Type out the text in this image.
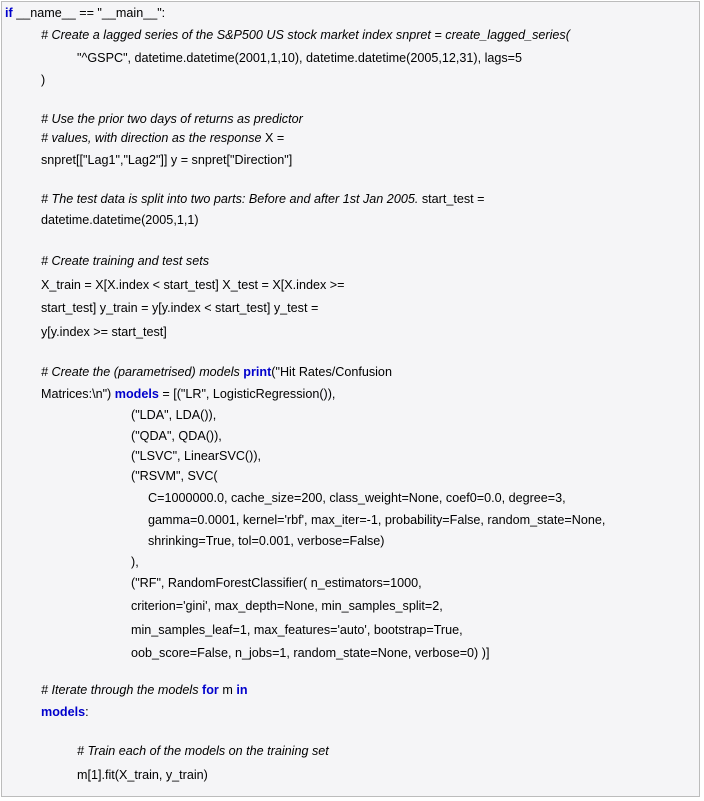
if __name__ == "__main__":
# Create a lagged series of the S&P500 US stock market index snpret = create_lagged_series(
"^GSPC", datetime.datetime(2001,1,10), datetime.datetime(2005,12,31), lags=5
)
# Use the prior two days of returns as predictor
# values, with direction as the response X =
snpret[["Lag1","Lag2"]] y = snpret["Direction"]
# The test data is split into two parts: Before and after 1st Jan 2005. start_test =
datetime.datetime(2005,1,1)
# Create training and test sets
X_train = X[X.index < start_test] X_test = X[X.index >=
start_test] y_train = y[y.index < start_test] y_test =
y[y.index >= start_test]
# Create the (parametrised) models print("Hit Rates/Confusion
Matrices:\n") models = [("LR", LogisticRegression()),
("LDA", LDA()),
("QDA", QDA()),
("LSVC", LinearSVC()),
("RSVM", SVC(
C=1000000.0, cache_size=200, class_weight=None, coef0=0.0, degree=3,
gamma=0.0001, kernel='rbf', max_iter=-1, probability=False, random_state=None,
shrinking=True, tol=0.001, verbose=False)
),
("RF", RandomForestClassifier( n_estimators=1000,
criterion='gini', max_depth=None, min_samples_split=2,
min_samples_leaf=1, max_features='auto', bootstrap=True,
oob_score=False, n_jobs=1, random_state=None, verbose=0) )]
# Iterate through the models for m in
models:
# Train each of the models on the training set
m[1].fit(X_train, y_train)
